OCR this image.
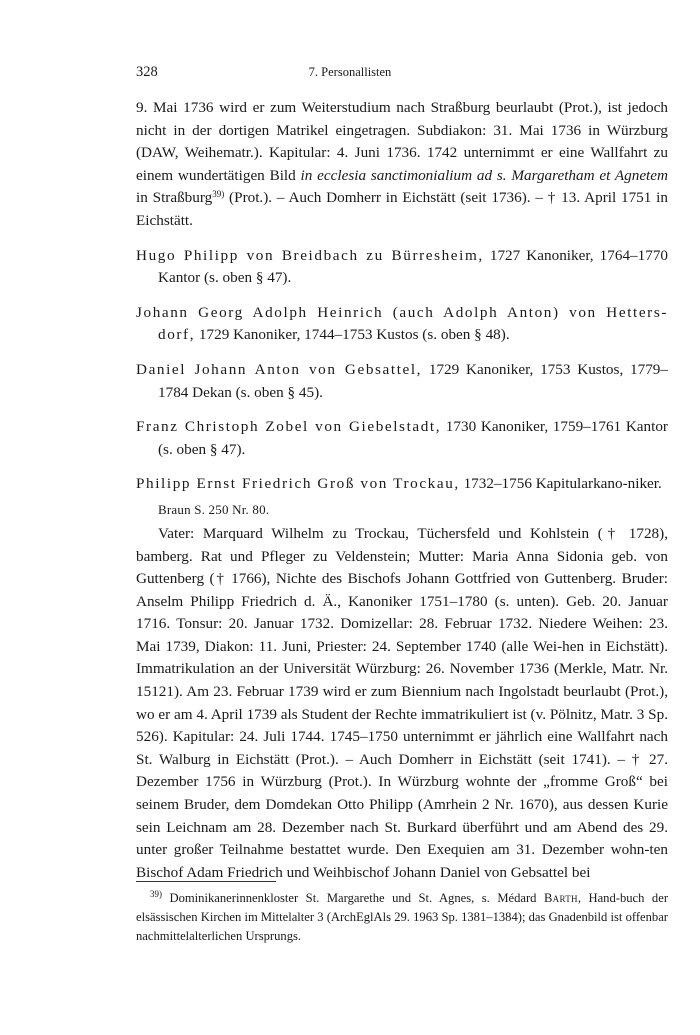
328	7. Personallisten

9. Mai 1736 wird er zum Weiterstudium nach Straßburg beurlaubt (Prot.), ist jedoch nicht in der dortigen Matrikel eingetragen. Subdiakon: 31. Mai 1736 in Würzburg (DAW, Weihematr.). Kapitular: 4. Juni 1736. 1742 unternimmt er eine Wallfahrt zu einem wundertätigen Bild in ecclesia sanctimonialium ad s. Margaretham et Agnetem in Straßburg$^{39)}$ (Prot.). – Auch Domherr in Eichstätt (seit 1736). – † 13. April 1751 in Eichstätt.

Hugo Philipp von Breidbach zu Bürresheim, 1727 Kanoniker, 1764–1770 Kantor (s. oben § 47).

Johann Georg Adolph Heinrich (auch Adolph Anton) von Hetters-dorf, 1729 Kanoniker, 1744–1753 Kustos (s. oben § 48).

Daniel Johann Anton von Gebsattel, 1729 Kanoniker, 1753 Kustos, 1779–1784 Dekan (s. oben § 45).

Franz Christoph Zobel von Giebelstadt, 1730 Kanoniker, 1759–1761 Kantor (s. oben § 47).

Philipp Ernst Friedrich Groß von Trockau, 1732–1756 Kapitularkano-niker.

Braun S. 250 Nr. 80.

Vater: Marquard Wilhelm zu Trockau, Tüchersfeld und Kohlstein († 1728), bamberg. Rat und Pfleger zu Veldenstein; Mutter: Maria Anna Sidonia geb. von Guttenberg († 1766), Nichte des Bischofs Johann Gottfried von Guttenberg. Bruder: Anselm Philipp Friedrich d. Ä., Kanoniker 1751–1780 (s. unten). Geb. 20. Januar 1716. Tonsur: 20. Januar 1732. Domizellar: 28. Februar 1732. Niedere Weihen: 23. Mai 1739, Diakon: 11. Juni, Priester: 24. September 1740 (alle Wei-hen in Eichstätt). Immatrikulation an der Universität Würzburg: 26. November 1736 (Merkle, Matr. Nr. 15121). Am 23. Februar 1739 wird er zum Biennium nach Ingolstadt beurlaubt (Prot.), wo er am 4. April 1739 als Student der Rechte immatrikuliert ist (v. Pölnitz, Matr. 3 Sp. 526). Kapitular: 24. Juli 1744. 1745–1750 unternimmt er jährlich eine Wallfahrt nach St. Walburg in Eichstätt (Prot.). – Auch Domherr in Eichstätt (seit 1741). – † 27. Dezember 1756 in Würzburg (Prot.). In Würzburg wohnte der „fromme Groß“ bei seinem Bruder, dem Domdekan Otto Philipp (Amrhein 2 Nr. 1670), aus dessen Kurie sein Leichnam am 28. Dezember nach St. Burkard überführt und am Abend des 29. unter großer Teilnahme bestattet wurde. Den Exequien am 31. Dezember wohn-ten Bischof Adam Friedrich und Weihbischof Johann Daniel von Gebsattel bei

$^{39)}$ Dominikanerinnenkloster St. Margarethe und St. Agnes, s. Médard Barth, Hand-buch der elsässischen Kirchen im Mittelalter 3 (ArchEglAls 29. 1963 Sp. 1381–1384); das Gnadenbild ist offenbar nachmittelalterlichen Ursprungs.
